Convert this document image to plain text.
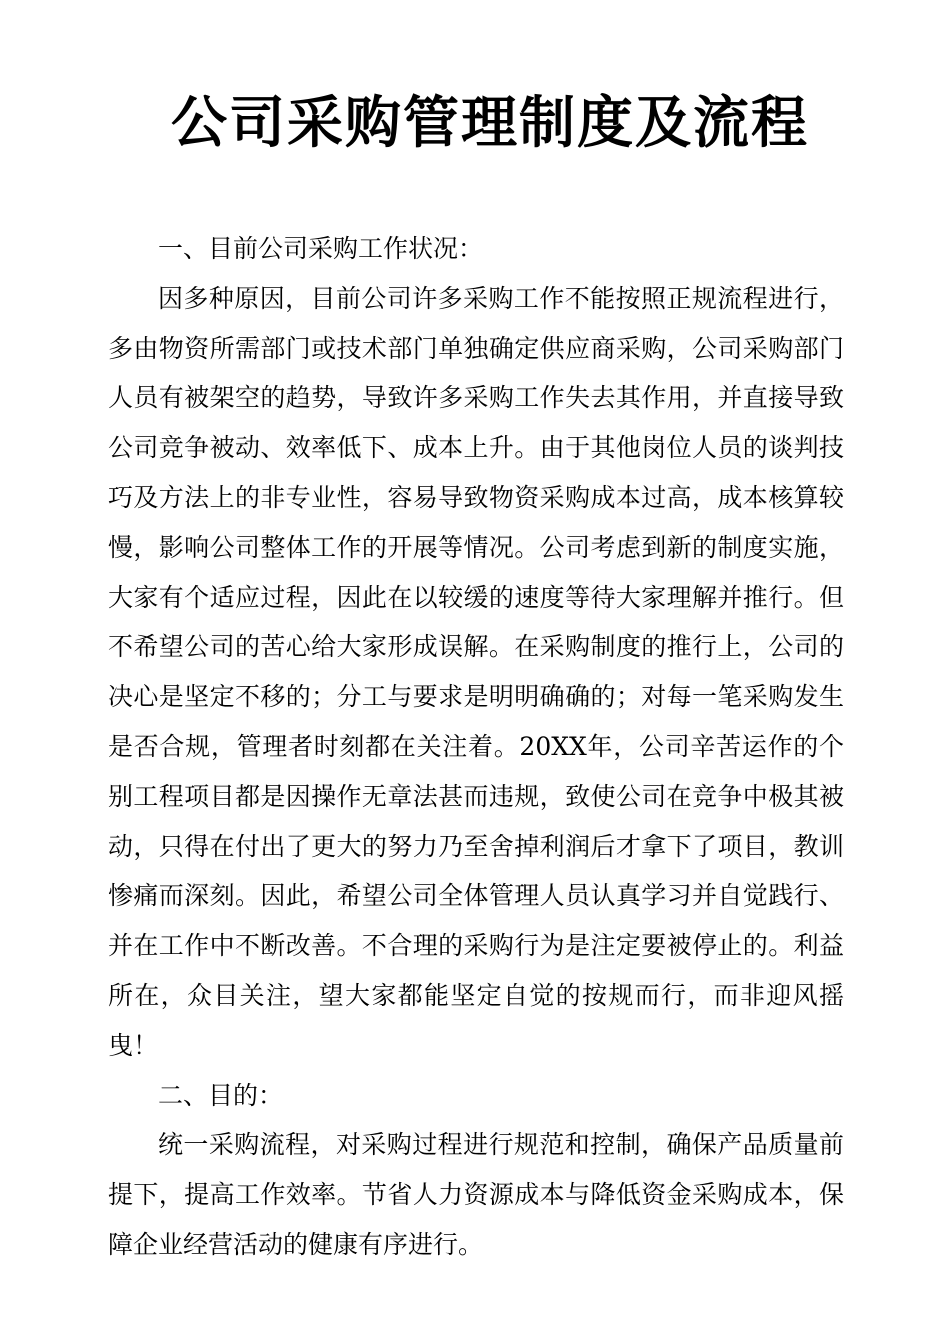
公司采购管理制度及流程

一、目前公司采购工作状况：

因多种原因，目前公司许多采购工作不能按照正规流程进行，多由物资所需部门或技术部门单独确定供应商采购，公司采购部门人员有被架空的趋势，导致许多采购工作失去其作用，并直接导致公司竞争被动、效率低下、成本上升。由于其他岗位人员的谈判技巧及方法上的非专业性，容易导致物资采购成本过高，成本核算较慢，影响公司整体工作的开展等情况。公司考虑到新的制度实施，大家有个适应过程，因此在以较缓的速度等待大家理解并推行。但不希望公司的苦心给大家形成误解。在采购制度的推行上，公司的决心是坚定不移的；分工与要求是明明确确的；对每一笔采购发生是否合规，管理者时刻都在关注着。20XX年，公司辛苦运作的个别工程项目都是因操作无章法甚而违规，致使公司在竞争中极其被动，只得在付出了更大的努力乃至舍掉利润后才拿下了项目，教训惨痛而深刻。因此，希望公司全体管理人员认真学习并自觉践行、并在工作中不断改善。不合理的采购行为是注定要被停止的。利益所在，众目关注，望大家都能坚定自觉的按规而行，而非迎风摇曳！

二、目的：

统一采购流程，对采购过程进行规范和控制，确保产品质量前提下，提高工作效率。节省人力资源成本与降低资金采购成本，保障企业经营活动的健康有序进行。
